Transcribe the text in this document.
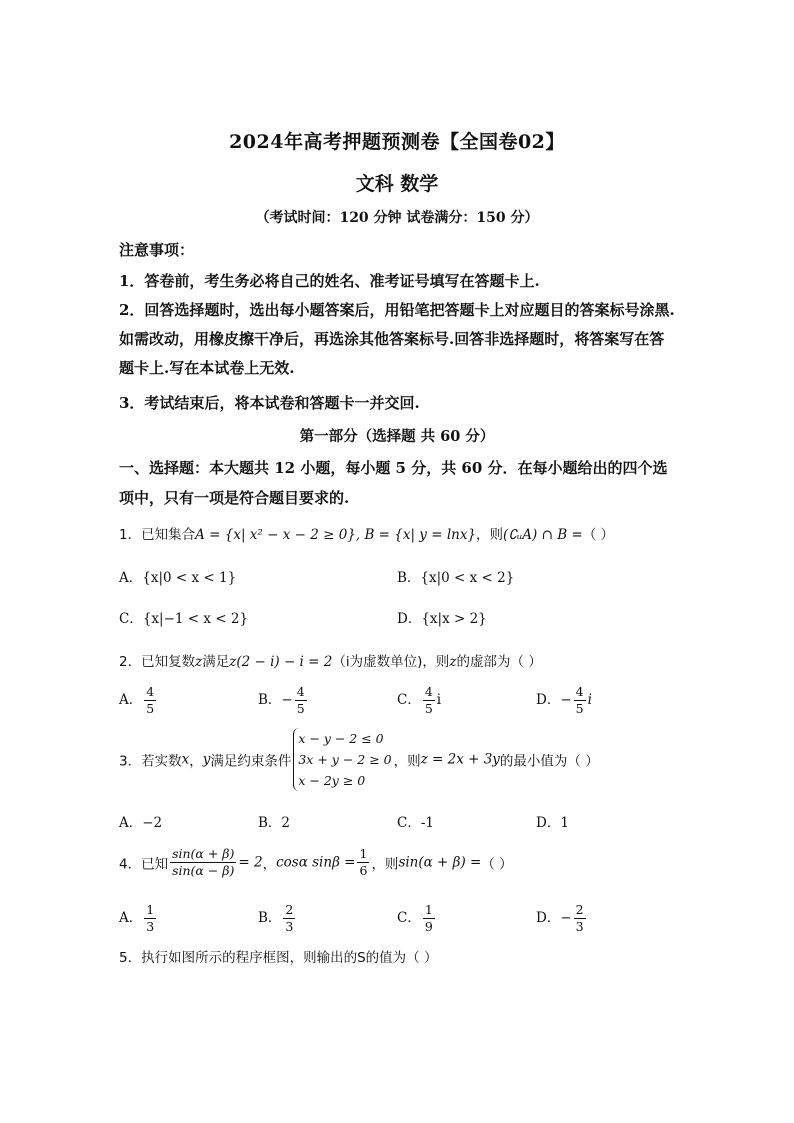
2024年高考押题预测卷【全国卷02】
文科 数学
（考试时间：120 分钟 试卷满分：150 分）
注意事项：
1．答卷前，考生务必将自己的姓名、准考证号填写在答题卡上.
2．回答选择题时，选出每小题答案后，用铅笔把答题卡上对应题目的答案标号涂黑.如需改动，用橡皮擦干净后，再选涂其他答案标号.回答非选择题时，将答案写在答题卡上.写在本试卷上无效.
3．考试结束后，将本试卷和答题卡一并交回.
第一部分（选择题 共 60 分）
一、选择题：本大题共 12 小题，每小题 5 分，共 60 分．在每小题给出的四个选项中，只有一项是符合题目要求的.
1．已知集合A = {x| x² − x − 2 ≥ 0}, B = {x| y = lnx}，则(∁ᵤA) ∩ B =（ ）
A．{x|0 < x < 1}	B．{x|0 < x < 2}
C．{x|−1 < x < 2}	D．{x|x > 2}
2．已知复数z满足z(2 − i) − i = 2（i为虚数单位)，则z的虚部为（ ）
A． $\frac{4}{5}$	B．− $\frac{4}{5}$	C． $\frac{4}{5}$ i	D．− $\frac{4}{5}$ i
3．若实数x，y满足约束条件
x − y − 2 ≤ 0
3x + y − 2 ≥ 0
x − 2y ≥ 0
，则z = 2x + 3y的最小值为（ ）
A．−2	B．2	C．-1	D．1
4．已知 $\frac{\sin(\alpha + \beta)}{\sin(\alpha - \beta)} = 2$，cosα $\sin\beta = \frac{1}{6}$ ，则sin(α + β) =（ ）
A． $\frac{1}{3}$	B． $\frac{2}{3}$	C． $\frac{1}{9}$	D．− $\frac{2}{3}$
5．执行如图所示的程序框图，则输出的S的值为（ ）
